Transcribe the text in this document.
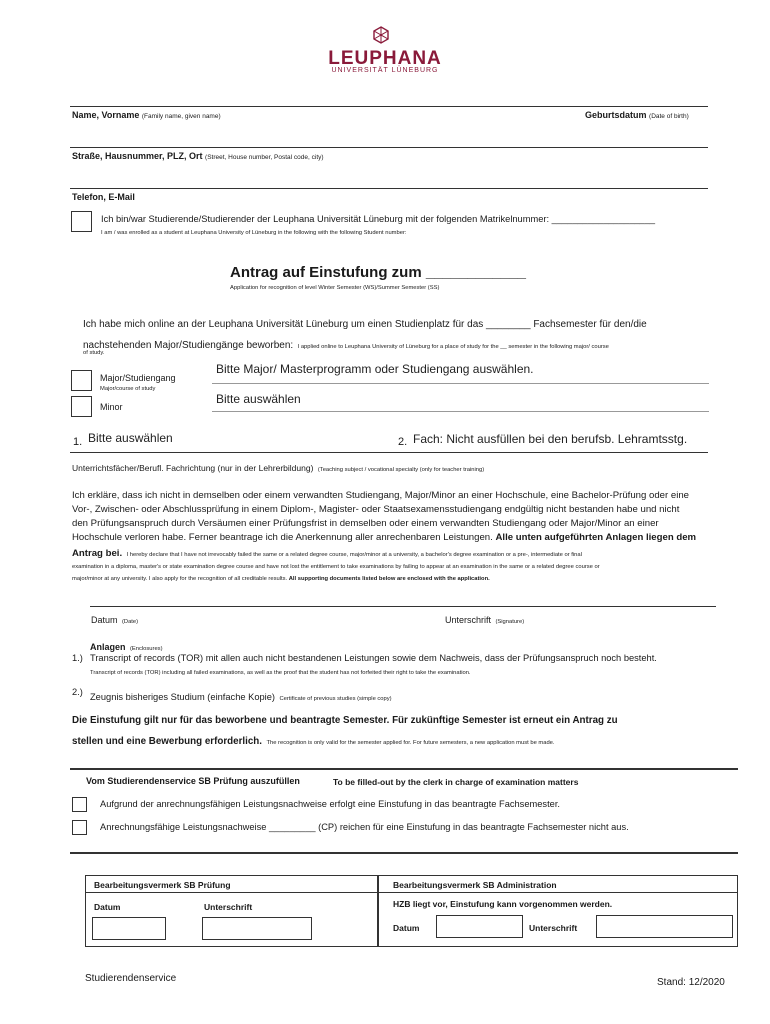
LEUPHANA
UNIVERSITÄT LÜNEBURG
Name, Vorname (Family name, given name)	Geburtsdatum (Date of birth)
Straße, Hausnummer, PLZ, Ort (Street, House number, Postal code, city)
Telefon, E-Mail
Ich bin/war Studierende/Studierender der Leuphana Universität Lüneburg mit der folgenden Matrikelnummer: ____________________
I am / was enrolled as a student at Leuphana University of Lüneburg in the following with the following Student number:
Antrag auf Einstufung zum ____________
Application for recognition of level Winter Semester (WS)/Summer Semester (SS)
Ich habe mich online an der Leuphana Universität Lüneburg um einen Studienplatz für das ________ Fachsemester für den/die
nachstehenden Major/Studiengänge beworben: I applied online to Leuphana University of Lüneburg for a place of study for the __ semester in the following major/ course
of study.
Major/Studiengang
Major/course of study
Bitte Major/ Masterprogramm oder Studiengang auswählen.
Minor
Bitte auswählen
1. Bitte auswählen	2. Fach: Nicht ausfüllen bei den berufsb. Lehramtsstg.
Unterrichtsfächer/Berufl. Fachrichtung (nur in der Lehrerbildung) (Teaching subject / vocational specialty (only for teacher training)
Ich erkläre, dass ich nicht in demselben oder einem verwandten Studiengang, Major/Minor an einer Hochschule, eine Bachelor-Prüfung oder eine
Vor-, Zwischen- oder Abschlussprüfung in einem Diplom-, Magister- oder Staatsexamensstudiengang endgültig nicht bestanden habe und nicht
den Prüfungsanspruch durch Versäumen einer Prüfungsfrist in demselben oder einem verwandten Studiengang oder Major/Minor an einer
Hochschule verloren habe. Ferner beantrage ich die Anerkennung aller anrechenbaren Leistungen. Alle unten aufgeführten Anlagen liegen dem
Antrag bei. I hereby declare that I have not irrevocably failed the same or a related degree course, major/minor at a university, a bachelor's degree examination or a pre-, intermediate or final
examination in a diploma, master's or state examination degree course and have not lost the entitlement to take examinations by failing to appear at an examination in the same or a related degree course or
major/minor at any university. I also apply for the recognition of all creditable results. All supporting documents listed below are enclosed with the application.
Datum (Date)	Unterschrift (Signature)
Anlagen (Enclosures)
1.) Transcript of records (TOR) mit allen auch nicht bestandenen Leistungen sowie dem Nachweis, dass der Prüfungsanspruch noch besteht.
Transcript of records (TOR) including all failed examinations, as well as the proof that the student has not forfeited their right to take the examination.
2.) Zeugnis bisheriges Studium (einfache Kopie) Certificate of previous studies (simple copy)
Die Einstufung gilt nur für das beworbene und beantragte Semester. Für zukünftige Semester ist erneut ein Antrag zu
stellen und eine Bewerbung erforderlich. The recognition is only valid for the semester applied for. For future semesters, a new application must be made.
Vom Studierendenservice SB Prüfung auszufüllen	To be filled-out by the clerk in charge of examination matters
Aufgrund der anrechnungsfähigen Leistungsnachweise erfolgt eine Einstufung in das beantragte Fachsemester.
Anrechnungsfähige Leistungsnachweise _________ (CP) reichen für eine Einstufung in das beantragte Fachsemester nicht aus.
Bearbeitungsvermerk SB Prüfung
Datum	Unterschrift
Bearbeitungsvermerk SB Administration
HZB liegt vor, Einstufung kann vorgenommen werden.
Datum	Unterschrift
Studierendenservice	Stand: 12/2020
